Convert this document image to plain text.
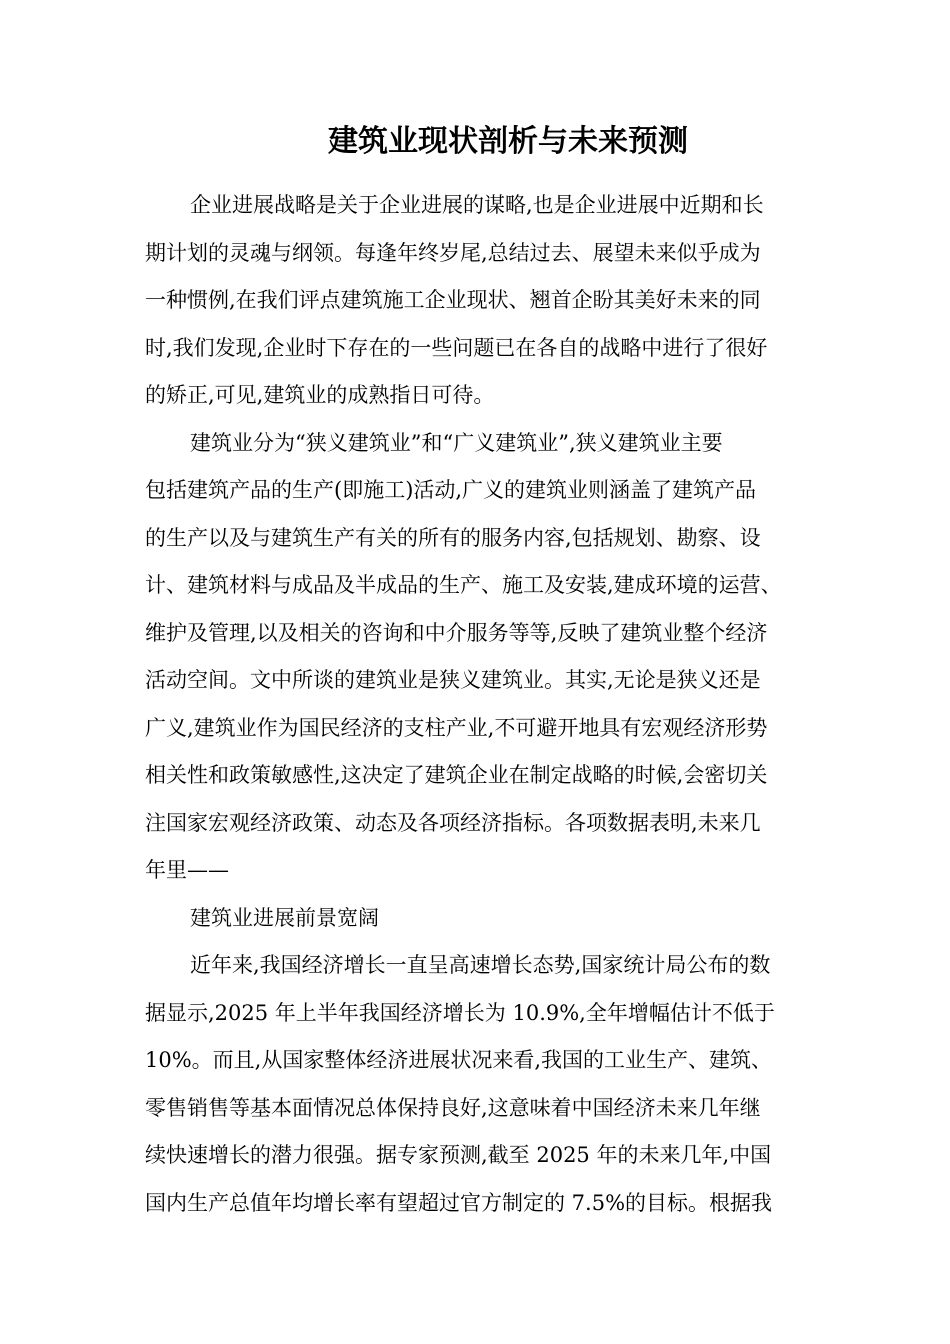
建筑业现状剖析与未来预测
企业进展战略是关于企业进展的谋略,也是企业进展中近期和长
期计划的灵魂与纲领。每逢年终岁尾,总结过去、展望未来似乎成为
一种惯例,在我们评点建筑施工企业现状、翘首企盼其美好未来的同
时,我们发现,企业时下存在的一些问题已在各自的战略中进行了很好
的矫正,可见,建筑业的成熟指日可待。
建筑业分为“狭义建筑业”和“广义建筑业”,狭义建筑业主要
包括建筑产品的生产(即施工)活动,广义的建筑业则涵盖了建筑产品
的生产以及与建筑生产有关的所有的服务内容,包括规划、勘察、设
计、建筑材料与成品及半成品的生产、施工及安装,建成环境的运营、
维护及管理,以及相关的咨询和中介服务等等,反映了建筑业整个经济
活动空间。文中所谈的建筑业是狭义建筑业。其实,无论是狭义还是
广义,建筑业作为国民经济的支柱产业,不可避开地具有宏观经济形势
相关性和政策敏感性,这决定了建筑企业在制定战略的时候,会密切关
注国家宏观经济政策、动态及各项经济指标。各项数据表明,未来几
年里——
建筑业进展前景宽阔
近年来,我国经济增长一直呈高速增长态势,国家统计局公布的数
据显示,2025 年上半年我国经济增长为 10.9%,全年增幅估计不低于
10%。而且,从国家整体经济进展状况来看,我国的工业生产、建筑、
零售销售等基本面情况总体保持良好,这意味着中国经济未来几年继
续快速增长的潜力很强。据专家预测,截至 2025 年的未来几年,中国
国内生产总值年均增长率有望超过官方制定的 7.5%的目标。根据我
